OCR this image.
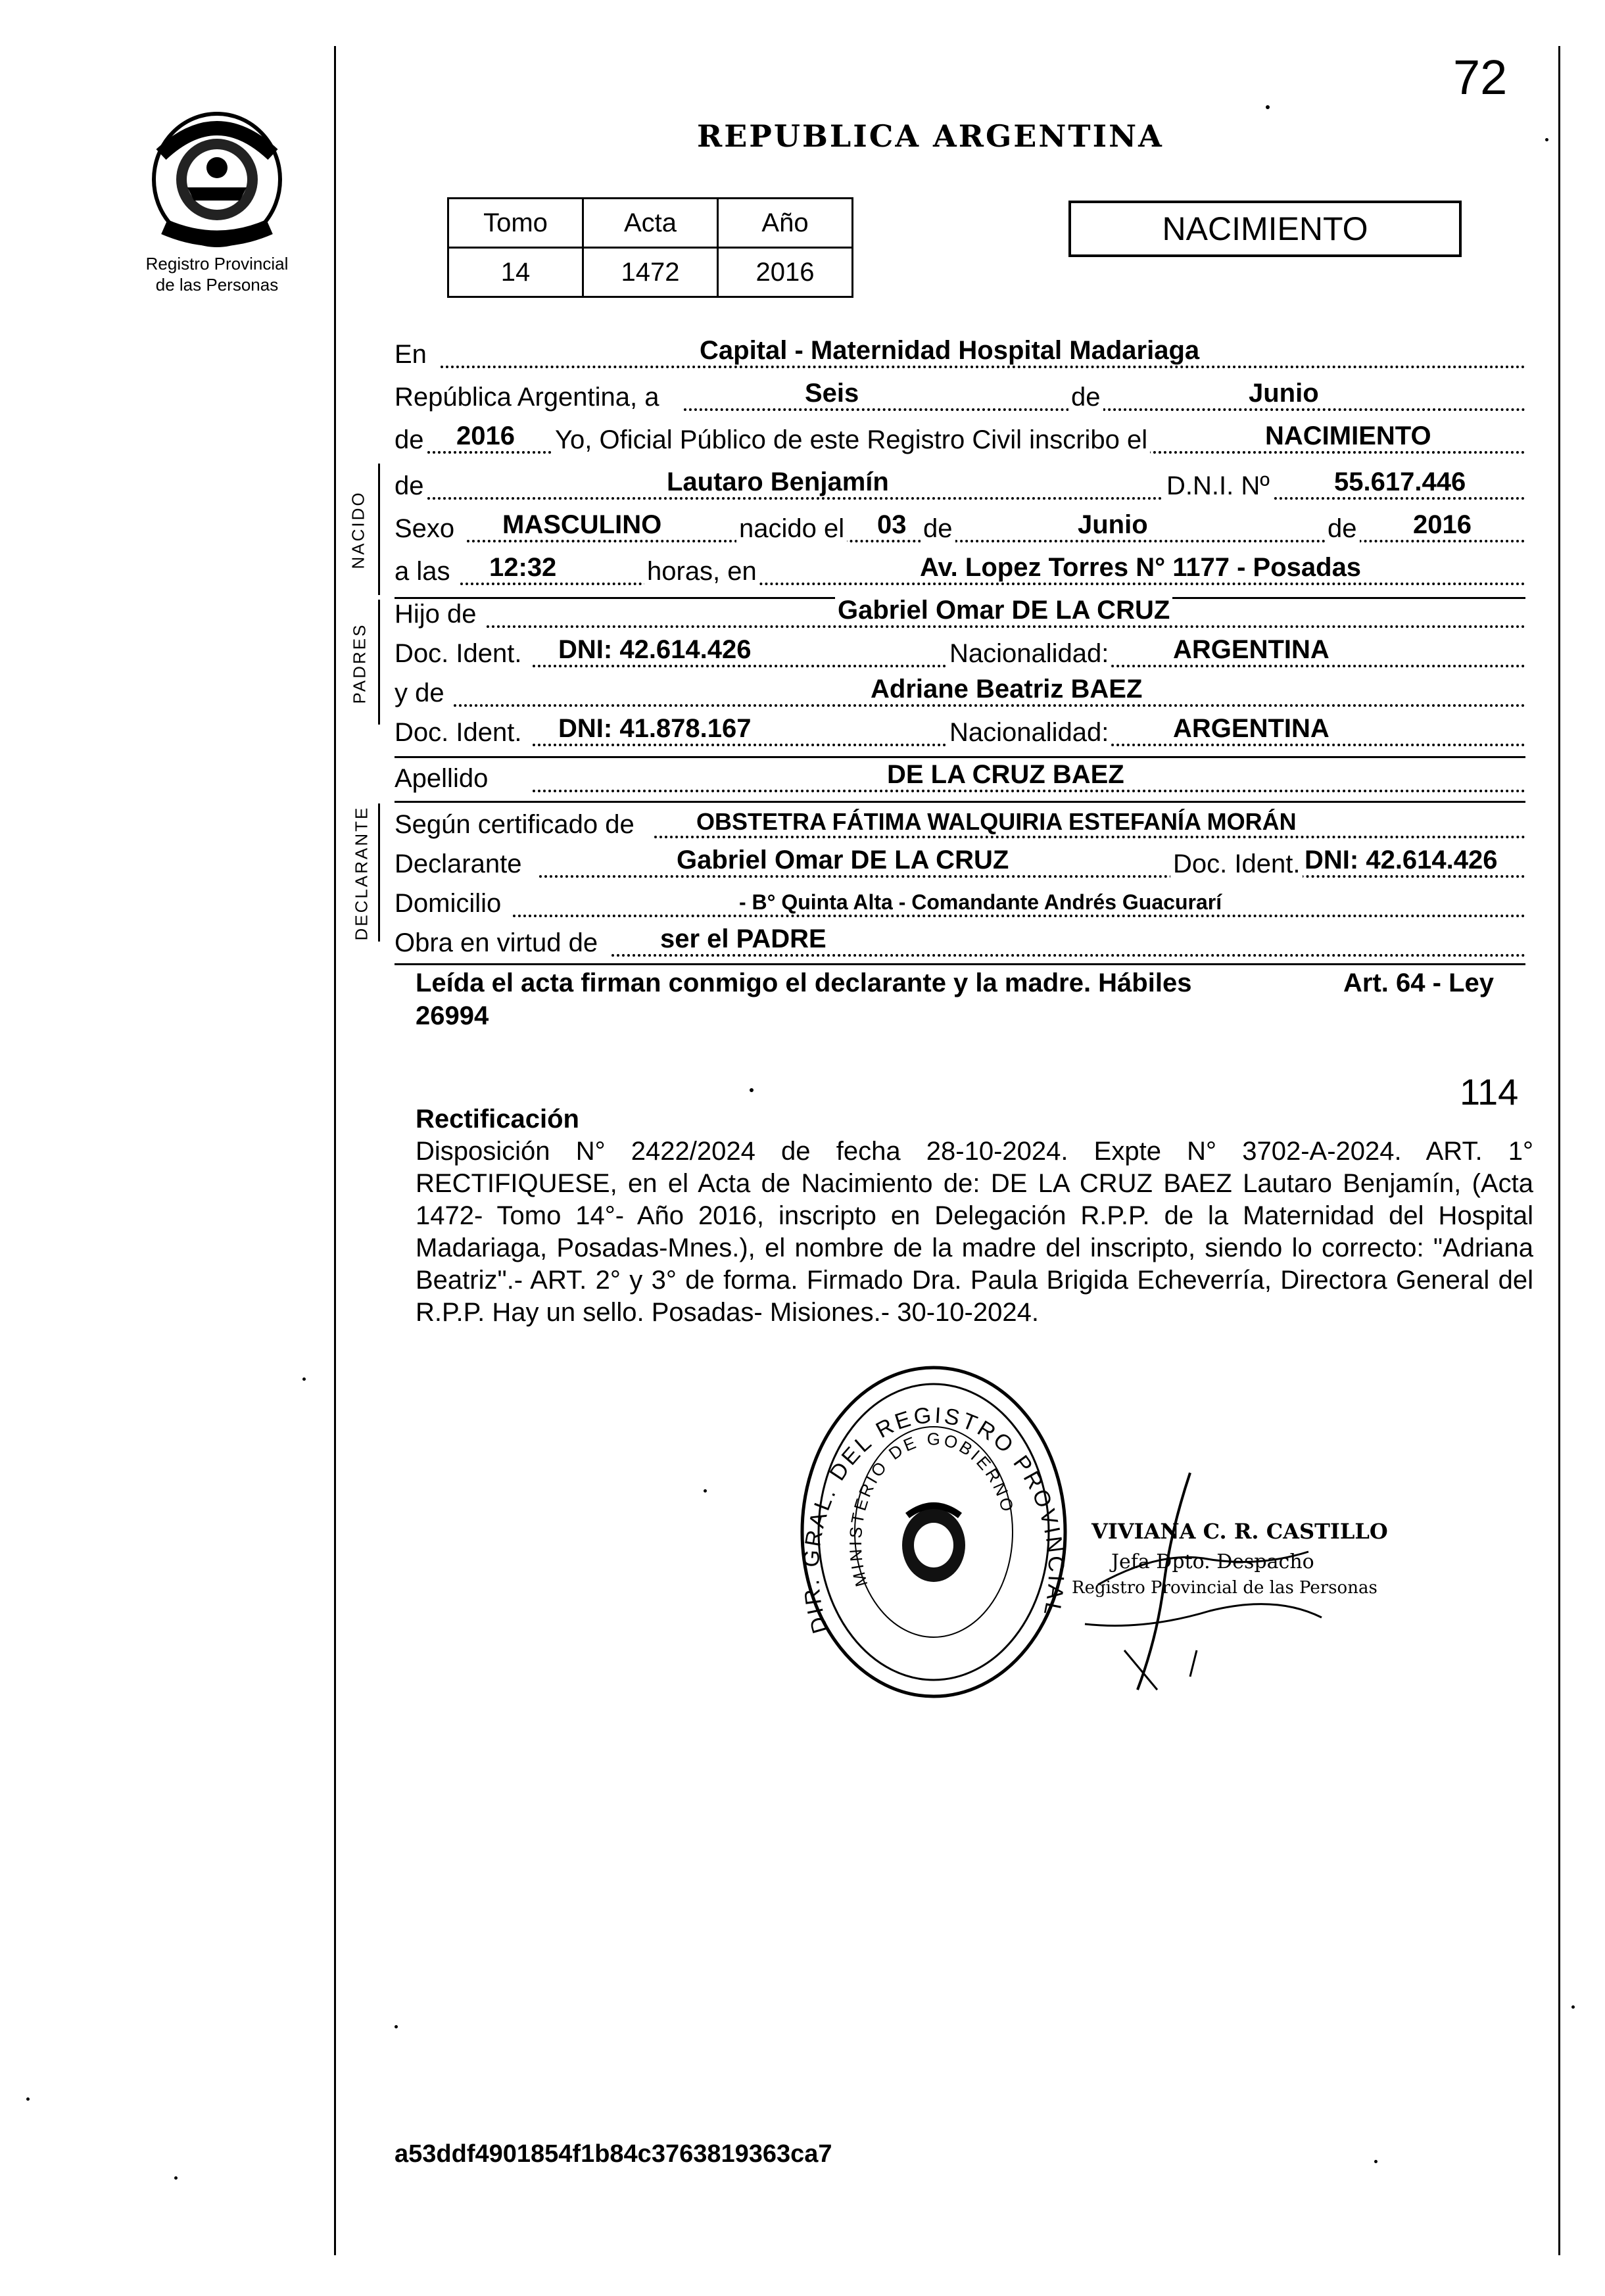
72
Registro Provincial
de las Personas
REPUBLICA ARGENTINA
Tomo	Acta	Año
14	1472	2016
NACIMIENTO
En	Capital - Maternidad Hospital Madariaga
República Argentina, a	Seis	de	Junio
de 2016 Yo, Oficial Público de este Registro Civil inscribo el	NACIMIENTO
NACIDO
de	Lautaro Benjamín	D.N.I. Nº 55.617.446
Sexo MASCULINO	nacido el 03 de	Junio	de 2016
a las 12:32	horas, en	Av. Lopez Torres N° 1177 - Posadas
PADRES
Hijo de	Gabriel Omar DE LA CRUZ
Doc. Ident. DNI: 42.614.426	Nacionalidad: ARGENTINA
y de	Adriane Beatriz BAEZ
Doc. Ident. DNI: 41.878.167	Nacionalidad: ARGENTINA
Apellido	DE LA CRUZ BAEZ
DECLARANTE Según certificado de	OBSTETRA FÁTIMA WALQUIRIA ESTEFANÍA MORÁN
Declarante	Gabriel Omar DE LA CRUZ	Doc. Ident. DNI: 42.614.426
Domicilio	- B° Quinta Alta - Comandante Andrés Guacurarí
Obra en virtud de ser el PADRE
Leída el acta firman conmigo el declarante y la madre. Hábiles	Art. 64 - Ley
26994
114
Rectificación
Disposición N° 2422/2024 de fecha 28-10-2024. Expte N° 3702-A-2024. ART. 1° RECTIFIQUESE, en el Acta de Nacimiento de: DE LA CRUZ BAEZ Lautaro Benjamín, (Acta 1472- Tomo 14°- Año 2016, inscripto en Delegación R.P.P. de la Maternidad del Hospital Madariaga, Posadas-Mnes.), el nombre de la madre del inscripto, siendo lo correcto: "Adriana Beatriz".- ART. 2° y 3° de forma. Firmado Dra. Paula Brigida Echeverría, Directora General del R.P.P. Hay un sello. Posadas- Misiones.- 30-10-2024.
DIR. GRAL. DEL REGISTRO PROVINCIAL
MINISTERIO DE GOBIERNO
VIVIANA C. R. CASTILLO
Jefa Dpto. Despacho
Registro Provincial de las Personas
a53ddf4901854f1b84c3763819363ca7
